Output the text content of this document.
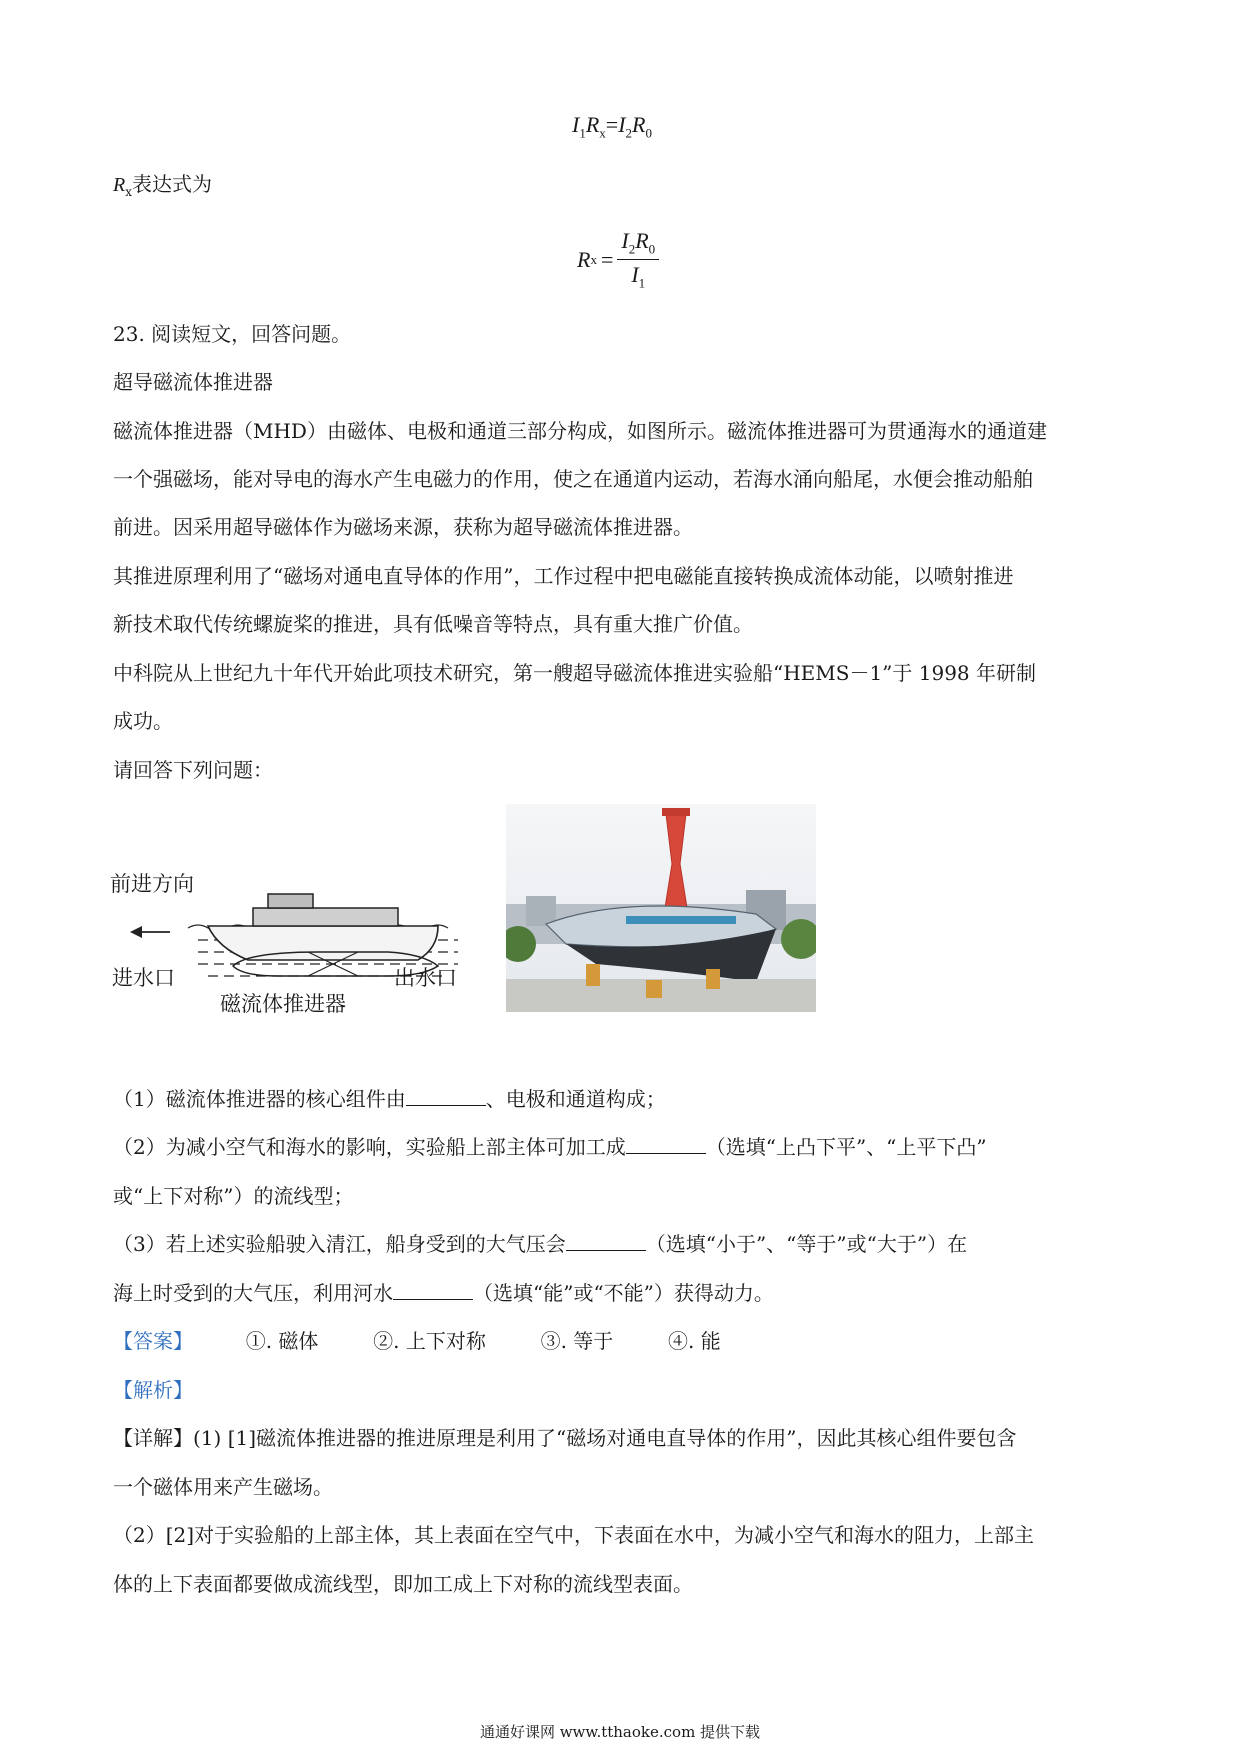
$I_1R_x=I_2R_0$
$R_x$表达式为
R $x = \frac{I_2R_0}{I_1}$
23. 阅读短文，回答问题。
超导磁流体推进器
磁流体推进器（MHD）由磁体、电极和通道三部分构成，如图所示。磁流体推进器可为贯通海水的通道建
一个强磁场，能对导电的海水产生电磁力的作用，使之在通道内运动，若海水涌向船尾，水便会推动船舶
前进。因采用超导磁体作为磁场来源，获称为超导磁流体推进器。
其推进原理利用了“磁场对通电直导体的作用”，工作过程中把电磁能直接转换成流体动能，以喷射推进
新技术取代传统螺旋桨的推进，具有低噪音等特点，具有重大推广价值。
中科院从上世纪九十年代开始此项技术研究，第一艘超导磁流体推进实验船“HEMS－1”于 1998 年研制
成功。
请回答下列问题：
前进方向
进水口	出水口
磁流体推进器
（1）磁流体推进器的核心组件由	、电极和通道构成；
（2）为减小空气和海水的影响，实验船上部主体可加工成	（选填“上凸下平”、“上平下凸”
或“上下对称”）的流线型；
（3）若上述实验船驶入清江，船身受到的大气压会	（选填“小于”、“等于”或“大于”）在
海上时受到的大气压，利用河水	（选填“能”或“不能”）获得动力。
【答案】	①. 磁体	②. 上下对称	③. 等于	④. 能
【解析】
【详解】(1) [1]磁流体推进器的推进原理是利用了“磁场对通电直导体的作用”，因此其核心组件要包含
一个磁体用来产生磁场。
（2）[2]对于实验船的上部主体，其上表面在空气中，下表面在水中，为减小空气和海水的阻力，上部主
体的上下表面都要做成流线型，即加工成上下对称的流线型表面。
通通好课网 www.tthaoke.com 提供下载
